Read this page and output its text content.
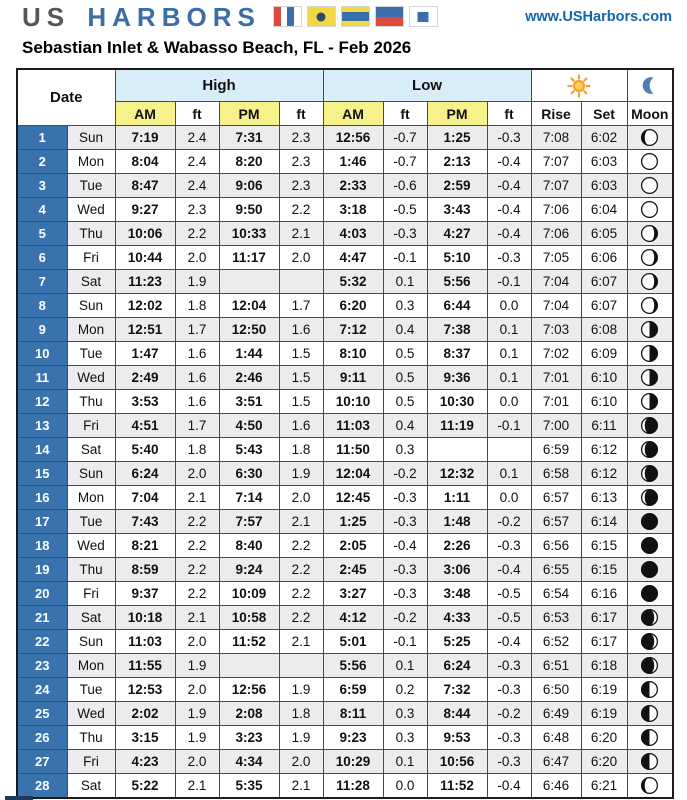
US HARBORS	www.USHarbors.com
Sebastian Inlet & Wabasso Beach, FL - Feb 2026
Date		High				Low		
		AM	ft	PM	ft	AM	ft	PM	ft	Rise	Set	Moon
1	Sun	7:19	2.4	7:31	2.3	12:56	-0.7	1:25	-0.3	7:08	6:02	
2	Mon	8:04	2.4	8:20	2.3	1:46	-0.7	2:13	-0.4	7:07	6:03	
3	Tue	8:47	2.4	9:06	2.3	2:33	-0.6	2:59	-0.4	7:07	6:03	
4	Wed	9:27	2.3	9:50	2.2	3:18	-0.5	3:43	-0.4	7:06	6:04	
5	Thu	10:06	2.2	10:33	2.1	4:03	-0.3	4:27	-0.4	7:06	6:05	
6	Fri	10:44	2.0	11:17	2.0	4:47	-0.1	5:10	-0.3	7:05	6:06	
7	Sat	11:23	1.9			5:32	0.1	5:56	-0.1	7:04	6:07	
8	Sun	12:02	1.8	12:04	1.7	6:20	0.3	6:44	0.0	7:04	6:07	
9	Mon	12:51	1.7	12:50	1.6	7:12	0.4	7:38	0.1	7:03	6:08	
10	Tue	1:47	1.6	1:44	1.5	8:10	0.5	8:37	0.1	7:02	6:09	
11	Wed	2:49	1.6	2:46	1.5	9:11	0.5	9:36	0.1	7:01	6:10	
12	Thu	3:53	1.6	3:51	1.5	10:10	0.5	10:30	0.0	7:01	6:10	
13	Fri	4:51	1.7	4:50	1.6	11:03	0.4	11:19	-0.1	7:00	6:11	
14	Sat	5:40	1.8	5:43	1.8	11:50	0.3			6:59	6:12	
15	Sun	6:24	2.0	6:30	1.9	12:04	-0.2	12:32	0.1	6:58	6:12	
16	Mon	7:04	2.1	7:14	2.0	12:45	-0.3	1:11	0.0	6:57	6:13	
17	Tue	7:43	2.2	7:57	2.1	1:25	-0.3	1:48	-0.2	6:57	6:14	
18	Wed	8:21	2.2	8:40	2.2	2:05	-0.4	2:26	-0.3	6:56	6:15	
19	Thu	8:59	2.2	9:24	2.2	2:45	-0.3	3:06	-0.4	6:55	6:15	
20	Fri	9:37	2.2	10:09	2.2	3:27	-0.3	3:48	-0.5	6:54	6:16	
21	Sat	10:18	2.1	10:58	2.2	4:12	-0.2	4:33	-0.5	6:53	6:17	
22	Sun	11:03	2.0	11:52	2.1	5:01	-0.1	5:25	-0.4	6:52	6:17	
23	Mon	11:55	1.9			5:56	0.1	6:24	-0.3	6:51	6:18	
24	Tue	12:53	2.0	12:56	1.9	6:59	0.2	7:32	-0.3	6:50	6:19	
25	Wed	2:02	1.9	2:08	1.8	8:11	0.3	8:44	-0.2	6:49	6:19	
26	Thu	3:15	1.9	3:23	1.9	9:23	0.3	9:53	-0.3	6:48	6:20	
27	Fri	4:23	2.0	4:34	2.0	10:29	0.1	10:56	-0.3	6:47	6:20	
28	Sat	5:22	2.1	5:35	2.1	11:28	0.0	11:52	-0.4	6:46	6:21	
